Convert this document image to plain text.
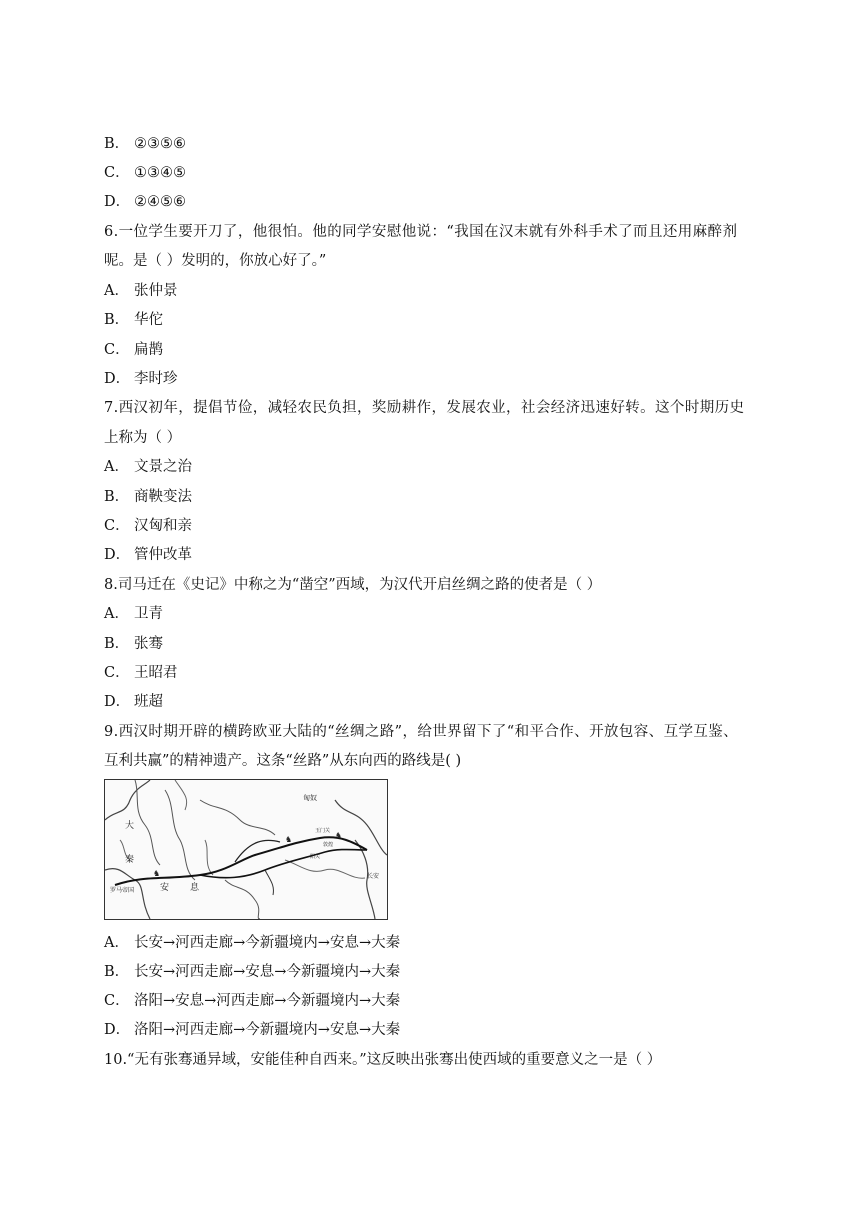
B． ②③⑤⑥
C． ①③④⑤
D． ②④⑤⑥
6.一位学生要开刀了，他很怕。他的同学安慰他说：“我国在汉末就有外科手术了而且还用麻醉剂
呢。是（ ）发明的，你放心好了。”
A． 张仲景
B． 华佗
C． 扁鹊
D． 李时珍
7.西汉初年，提倡节俭，减轻农民负担，奖励耕作，发展农业，社会经济迅速好转。这个时期历史
上称为（ ）
A． 文景之治
B． 商鞅变法
C． 汉匈和亲
D． 管仲改革
8.司马迁在《史记》中称之为“凿空”西域，为汉代开启丝绸之路的使者是（ ）
A． 卫青
B． 张骞
C． 王昭君
D． 班超
9.西汉时期开辟的横跨欧亚大陆的“丝绸之路”，给世界留下了“和平合作、开放包容、互学互鉴、
互利共赢”的精神遗产。这条“丝路”从东向西的路线是( )
匈奴
大
秦
安 息
罗马帝国
长安
玉门关
敦煌
阳关
♞
♞	♞
A． 长安→河西走廊→今新疆境内→安息→大秦
B． 长安→河西走廊→安息→今新疆境内→大秦
C． 洛阳→安息→河西走廊→今新疆境内→大秦
D． 洛阳→河西走廊→今新疆境内→安息→大秦
10.“无有张骞通异域，安能佳种自西来。”这反映出张骞出使西域的重要意义之一是（ ）
